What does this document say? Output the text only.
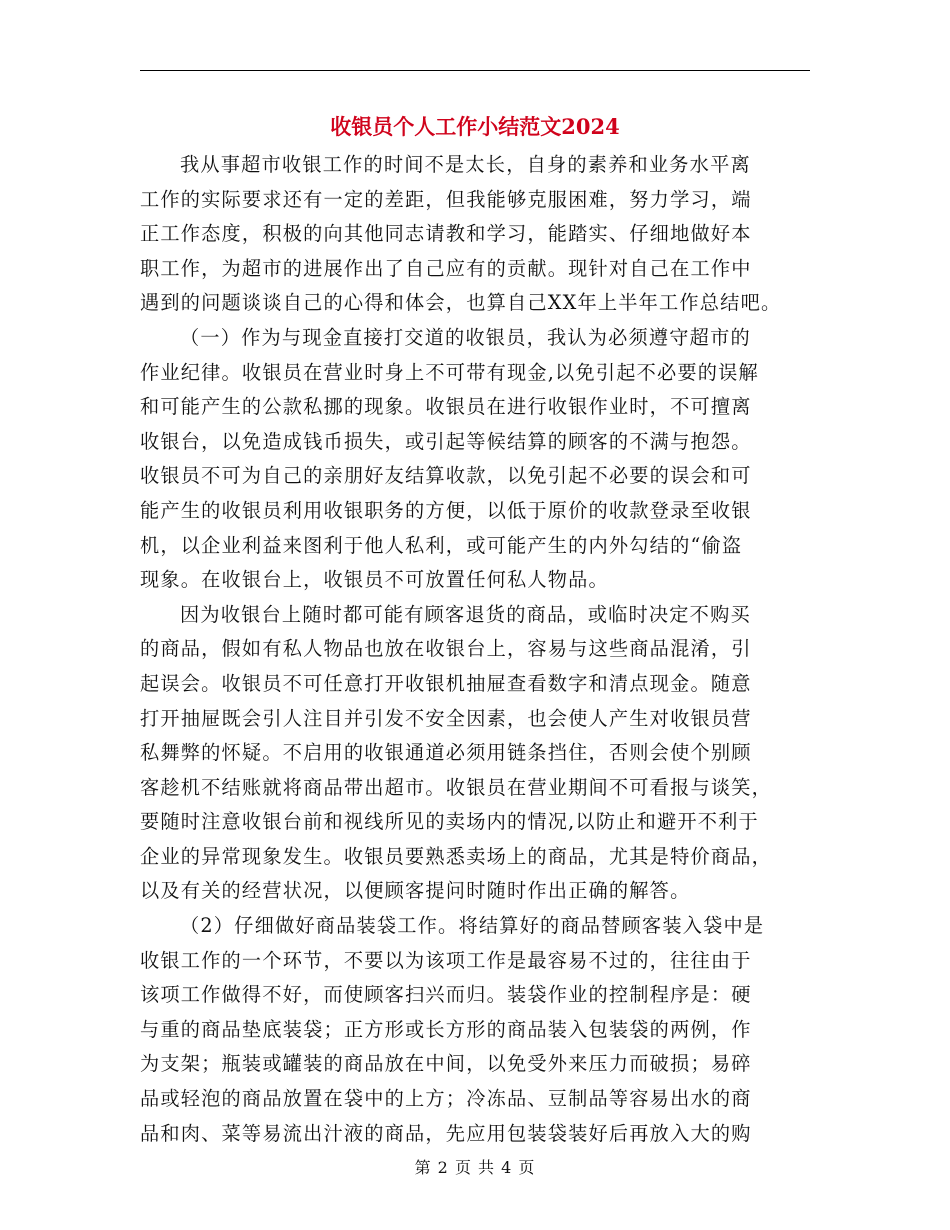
收银员个人工作小结范文2024
我从事超市收银工作的时间不是太长，自身的素养和业务水平离
工作的实际要求还有一定的差距，但我能够克服困难，努力学习，端
正工作态度，积极的向其他同志请教和学习，能踏实、仔细地做好本
职工作，为超市的进展作出了自己应有的贡献。现针对自己在工作中
遇到的问题谈谈自己的心得和体会，也算自己XX年上半年工作总结吧。
（一）作为与现金直接打交道的收银员，我认为必须遵守超市的
作业纪律。收银员在营业时身上不可带有现金,以免引起不必要的误解
和可能产生的公款私挪的现象。收银员在进行收银作业时，不可擅离
收银台，以免造成钱币损失，或引起等候结算的顾客的不满与抱怨。
收银员不可为自己的亲朋好友结算收款，以免引起不必要的误会和可
能产生的收银员利用收银职务的方便，以低于原价的收款登录至收银
机，以企业利益来图利于他人私利，或可能产生的内外勾结的“偷盗
现象。在收银台上，收银员不可放置任何私人物品。
因为收银台上随时都可能有顾客退货的商品，或临时决定不购买
的商品，假如有私人物品也放在收银台上，容易与这些商品混淆，引
起误会。收银员不可任意打开收银机抽屉查看数字和清点现金。随意
打开抽屉既会引人注目并引发不安全因素，也会使人产生对收银员营
私舞弊的怀疑。不启用的收银通道必须用链条挡住，否则会使个别顾
客趁机不结账就将商品带出超市。收银员在营业期间不可看报与谈笑，
要随时注意收银台前和视线所见的卖场内的情况,以防止和避开不利于
企业的异常现象发生。收银员要熟悉卖场上的商品，尤其是特价商品，
以及有关的经营状况，以便顾客提问时随时作出正确的解答。
（2）仔细做好商品装袋工作。将结算好的商品替顾客装入袋中是
收银工作的一个环节，不要以为该项工作是最容易不过的，往往由于
该项工作做得不好，而使顾客扫兴而归。装袋作业的控制程序是：硬
与重的商品垫底装袋；正方形或长方形的商品装入包装袋的两例，作
为支架；瓶装或罐装的商品放在中间，以免受外来压力而破损；易碎
品或轻泡的商品放置在袋中的上方；冷冻品、豆制品等容易出水的商
品和肉、菜等易流出汁液的商品，先应用包装袋装好后再放入大的购
第 2 页 共 4 页
